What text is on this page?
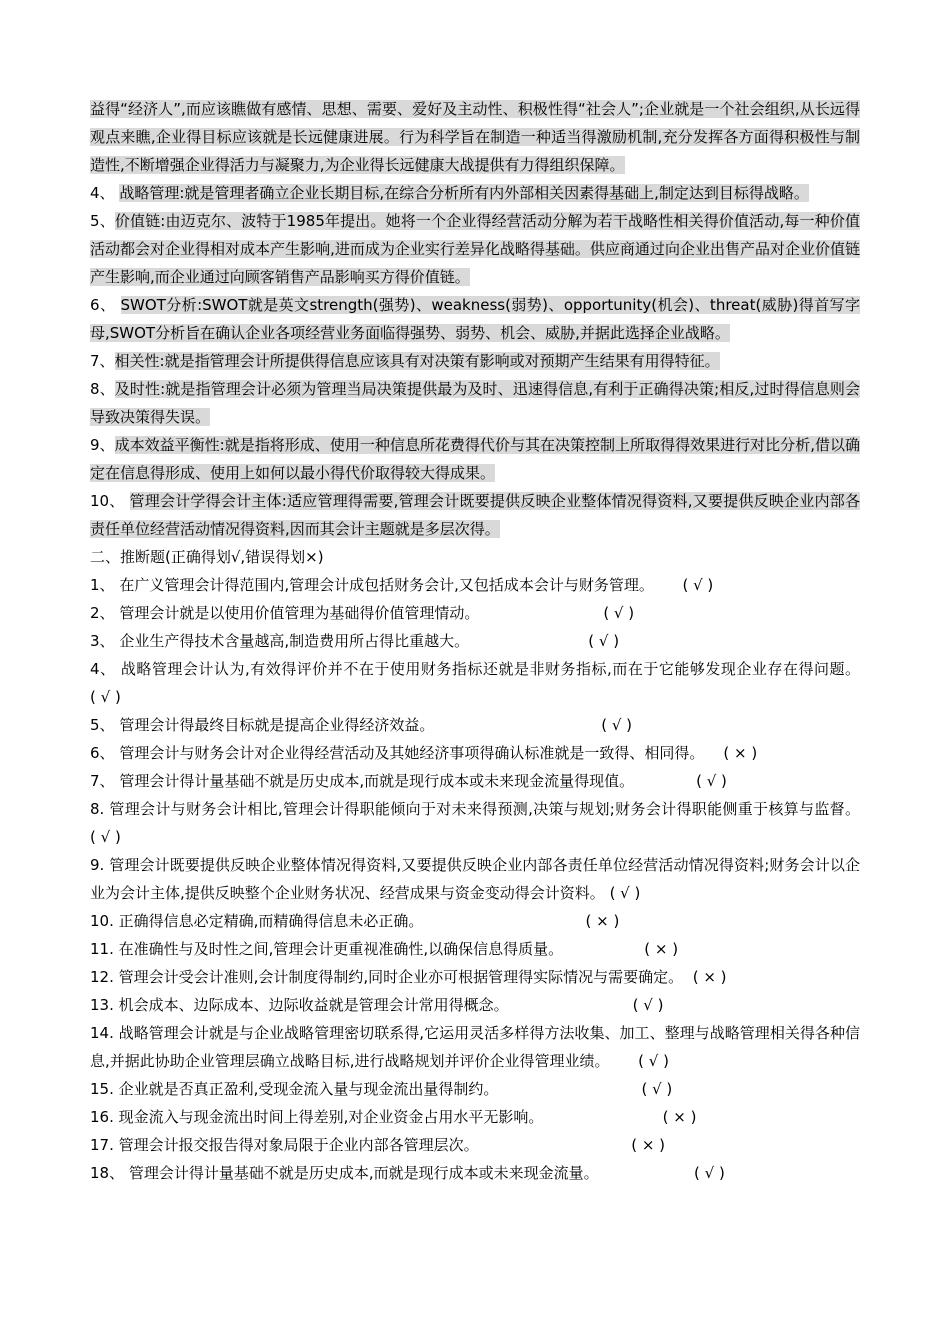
益得“经济人”,而应该瞧做有感情、思想、需要、爱好及主动性、积极性得“社会人”;企业就是一个社会组织,从长远得观点来瞧,企业得目标应该就是长远健康进展。行为科学旨在制造一种适当得激励机制,充分发挥各方面得积极性与制造性,不断增强企业得活力与凝聚力,为企业得长远健康大战提供有力得组织保障。

4、 战略管理:就是管理者确立企业长期目标,在综合分析所有内外部相关因素得基础上,制定达到目标得战略。

5、价值链:由迈克尔、波特于1985年提出。她将一个企业得经营活动分解为若干战略性相关得价值活动,每一种价值活动都会对企业得相对成本产生影响,进而成为企业实行差异化战略得基础。供应商通过向企业出售产品对企业价值链产生影响,而企业通过向顾客销售产品影响买方得价值链。

6、 SWOT分析:SWOT就是英文strength(强势)、weakness(弱势)、opportunity(机会)、threat(威胁)得首写字母,SWOT分析旨在确认企业各项经营业务面临得强势、弱势、机会、威胁,并据此选择企业战略。

7、相关性:就是指管理会计所提供得信息应该具有对决策有影响或对预期产生结果有用得特征。

8、及时性:就是指管理会计必须为管理当局决策提供最为及时、迅速得信息,有利于正确得决策;相反,过时得信息则会导致决策得失误。

9、成本效益平衡性:就是指将形成、使用一种信息所花费得代价与其在决策控制上所取得得效果进行对比分析,借以确定在信息得形成、使用上如何以最小得代价取得较大得成果。

10、 管理会计学得会计主体:适应管理得需要,管理会计既要提供反映企业整体情况得资料,又要提供反映企业内部各责任单位经营活动情况得资料,因而其会计主题就是多层次得。

二、推断题(正确得划√,错误得划×)

1、 在广义管理会计得范围内,管理会计成包括财务会计,又包括成本会计与财务管理。 ( √ )

2、 管理会计就是以使用价值管理为基础得价值管理情动。	( √ )

3、 企业生产得技术含量越高,制造费用所占得比重越大。	( √ )

4、 战略管理会计认为,有效得评价并不在于使用财务指标还就是非财务指标,而在于它能够发现企业存在得问题。                                   ( √ )

5、 管理会计得最终目标就是提高企业得经济效益。	( √ )

6、 管理会计与财务会计对企业得经营活动及其她经济事项得确认标准就是一致得、相同得。 ( × )

7、 管理会计得计量基础不就是历史成本,而就是现行成本或未来现金流量得现值。	( √ )

8. 管理会计与财务会计相比,管理会计得职能倾向于对未来得预测,决策与规划;财务会计得职能侧重于核算与监督。                                  ( √ )

9. 管理会计既要提供反映企业整体情况得资料,又要提供反映企业内部各责任单位经营活动情况得资料;财务会计以企业为会计主体,提供反映整个企业财务状况、经营成果与资金变动得会计资料。 ( √ )

10. 正确得信息必定精确,而精确得信息未必正确。	( × )

11. 在准确性与及时性之间,管理会计更重视准确性,以确保信息得质量。	( × )

12. 管理会计受会计准则,会计制度得制约,同时企业亦可根据管理得实际情况与需要确定。 ( × )

13. 机会成本、边际成本、边际收益就是管理会计常用得概念。	( √ )

14. 战略管理会计就是与企业战略管理密切联系得,它运用灵活多样得方法收集、加工、整理与战略管理相关得各种信息,并据此协助企业管理层确立战略目标,进行战略规划并评价企业得管理业绩。 ( √ )

15. 企业就是否真正盈利,受现金流入量与现金流出量得制约。	( √ )

16. 现金流入与现金流出时间上得差别,对企业资金占用水平无影响。	( × )

17. 管理会计报交报告得对象局限于企业内部各管理层次。	( × )

18、 管理会计得计量基础不就是历史成本,而就是现行成本或未来现金流量。	( √ )
